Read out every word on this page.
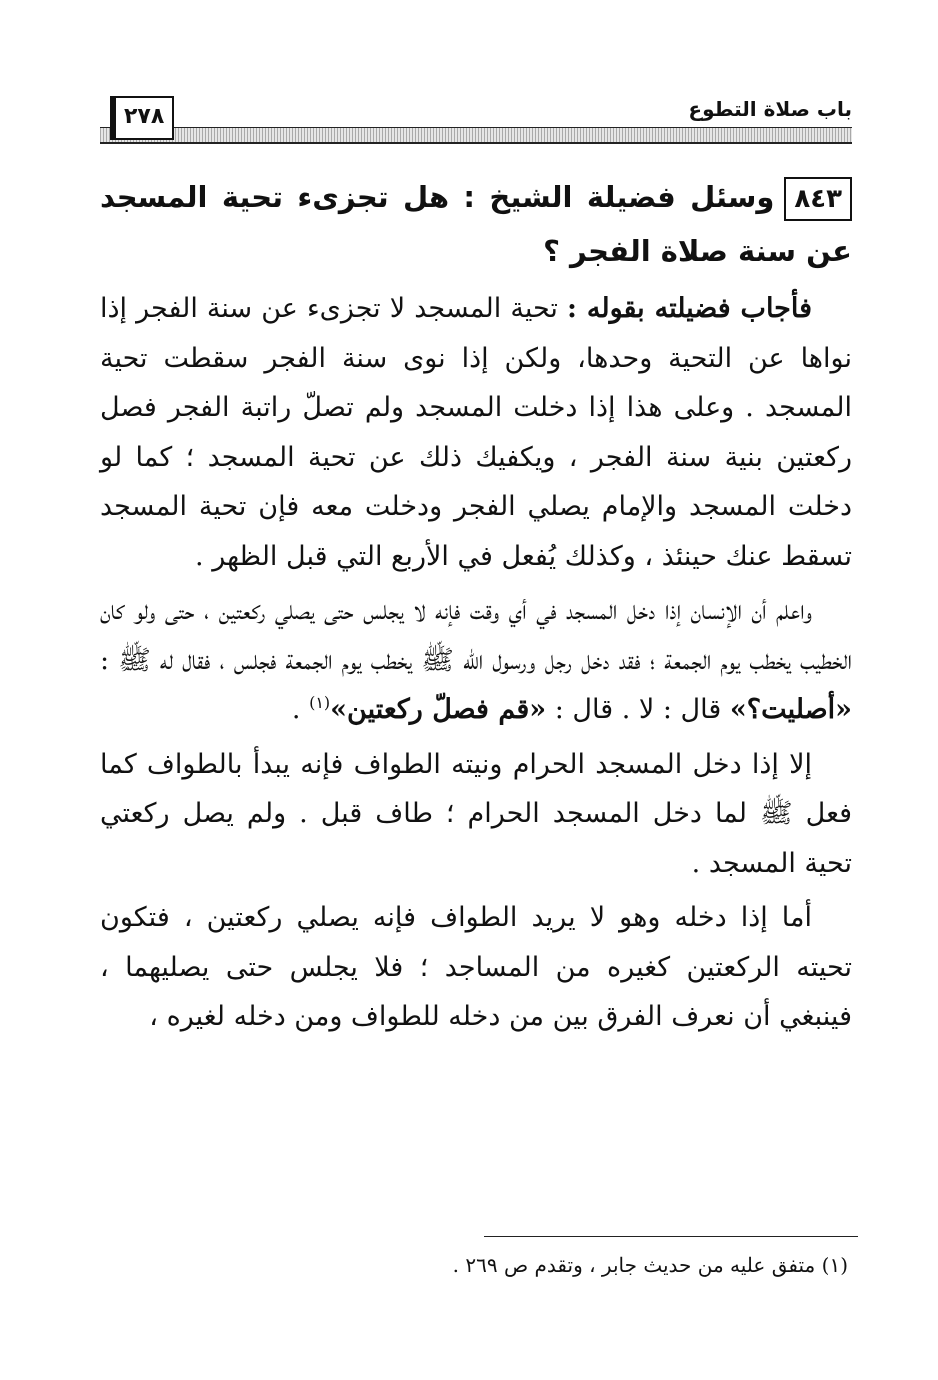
باب صلاة التطوع
٢٧٨

٨٤٣وسئل فضيلة الشيخ : هل تجزىء تحية المسجد عن سنة صلاة الفجر ؟

فأجاب فضيلته بقوله : تحية المسجد لا تجزىء عن سنة الفجر إذا نواها عن التحية وحدها، ولكن إذا نوى سنة الفجر سقطت تحية المسجد . وعلى هذا إذا دخلت المسجد ولم تصلّ راتبة الفجر فصل ركعتين بنية سنة الفجر ، ويكفيك ذلك عن تحية المسجد ؛ كما لو دخلت المسجد والإمام يصلي الفجر ودخلت معه فإن تحية المسجد تسقط عنك حينئذ ، وكذلك يُفعل في الأربع التي قبل الظهر .

واعلم أن الإنسان إذا دخل المسجد في أي وقت فإنه لا يجلس حتى يصلي ركعتين ، حتى ولو كان الخطيب يخطب يوم الجمعة ؛ فقد دخل رجل ورسول الله ﷺ يخطب يوم الجمعة فجلس ، فقال له ﷺ : «أصليت؟» قال : لا . قال : «قم فصلّ ركعتين»$^{(١)}$ .

إلا إذا دخل المسجد الحرام ونيته الطواف فإنه يبدأ بالطواف كما فعل ﷺ لما دخل المسجد الحرام ؛ طاف قبل . ولم يصل ركعتي تحية المسجد .

أما إذا دخله وهو لا يريد الطواف فإنه يصلي ركعتين ، فتكون تحيته الركعتين كغيره من المساجد ؛ فلا يجلس حتى يصليهما ، فينبغي أن نعرف الفرق بين من دخله للطواف ومن دخله لغيره ،

(١) متفق عليه من حديث جابر ، وتقدم ص ٢٦٩ .
